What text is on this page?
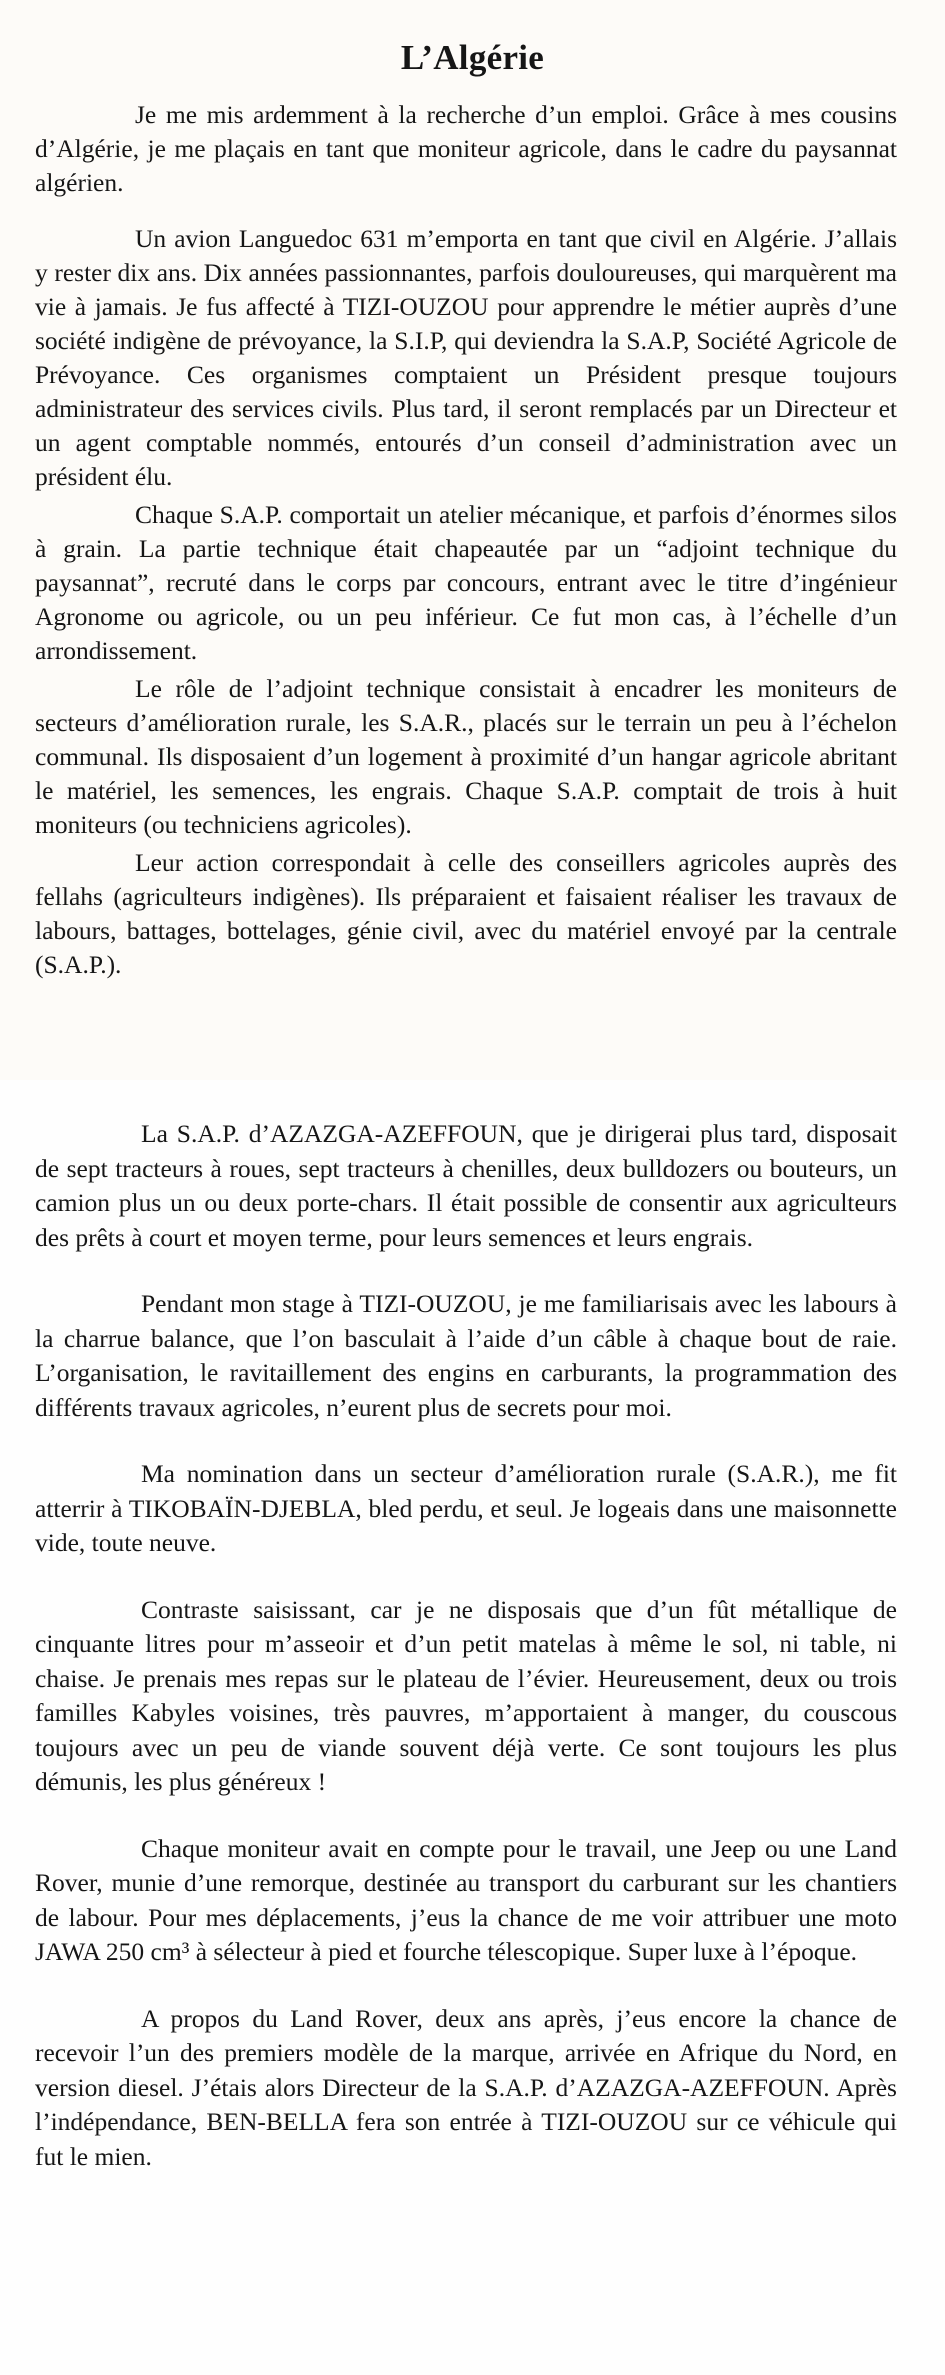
L’Algérie

Je me mis ardemment à la recherche d’un emploi. Grâce à mes cousins d’Algérie, je me plaçais en tant que moniteur agricole, dans le cadre du paysannat algérien.

Un avion Languedoc 631 m’emporta en tant que civil en Algérie. J’allais y rester dix ans. Dix années passionnantes, parfois douloureuses, qui marquèrent ma vie à jamais. Je fus affecté à TIZI-OUZOU pour apprendre le métier auprès d’une société indigène de prévoyance, la S.I.P, qui deviendra la S.A.P, Société Agricole de Prévoyance. Ces organismes comptaient un Président presque toujours administrateur des services civils. Plus tard, il seront remplacés par un Directeur et un agent comptable nommés, entourés d’un conseil d’administration avec un président élu.

Chaque S.A.P. comportait un atelier mécanique, et parfois d’énormes silos à grain. La partie technique était chapeautée par un “adjoint technique du paysannat”, recruté dans le corps par concours, entrant avec le titre d’ingénieur Agronome ou agricole, ou un peu inférieur. Ce fut mon cas, à l’échelle d’un arrondissement.

Le rôle de l’adjoint technique consistait à encadrer les moniteurs de secteurs d’amélioration rurale, les S.A.R., placés sur le terrain un peu à l’échelon communal. Ils disposaient d’un logement à proximité d’un hangar agricole abritant le matériel, les semences, les engrais. Chaque S.A.P. comptait de trois à huit moniteurs (ou techniciens agricoles).

Leur action correspondait à celle des conseillers agricoles auprès des fellahs (agriculteurs indigènes). Ils préparaient et faisaient réaliser les travaux de labours, battages, bottelages, génie civil, avec du matériel envoyé par la centrale (S.A.P.).

La S.A.P. d’AZAZGA-AZEFFOUN, que je dirigerai plus tard, disposait de sept tracteurs à roues, sept tracteurs à chenilles, deux bulldozers ou bouteurs, un camion plus un ou deux porte-chars. Il était possible de consentir aux agriculteurs des prêts à court et moyen terme, pour leurs semences et leurs engrais.

Pendant mon stage à TIZI-OUZOU, je me familiarisais avec les labours à la charrue balance, que l’on basculait à l’aide d’un câble à chaque bout de raie. L’organisation, le ravitaillement des engins en carburants, la programmation des différents travaux agricoles, n’eurent plus de secrets pour moi.

Ma nomination dans un secteur d’amélioration rurale (S.A.R.), me fit atterrir à TIKOBAÏN-DJEBLA, bled perdu, et seul. Je logeais dans une maisonnette vide, toute neuve.

Contraste saisissant, car je ne disposais que d’un fût métallique de cinquante litres pour m’asseoir et d’un petit matelas à même le sol, ni table, ni chaise. Je prenais mes repas sur le plateau de l’évier. Heureusement, deux ou trois familles Kabyles voisines, très pauvres, m’apportaient à manger, du couscous toujours avec un peu de viande souvent déjà verte. Ce sont toujours les plus démunis, les plus généreux !

Chaque moniteur avait en compte pour le travail, une Jeep ou une Land Rover, munie d’une remorque, destinée au transport du carburant sur les chantiers de labour. Pour mes déplacements, j’eus la chance de me voir attribuer une moto JAWA 250 cm³ à sélecteur à pied et fourche télescopique. Super luxe à l’époque.

A propos du Land Rover, deux ans après, j’eus encore la chance de recevoir l’un des premiers modèle de la marque, arrivée en Afrique du Nord, en version diesel. J’étais alors Directeur de la S.A.P. d’AZAZGA-AZEFFOUN. Après l’indépendance, BEN-BELLA fera son entrée à TIZI-OUZOU sur ce véhicule qui fut le mien.
